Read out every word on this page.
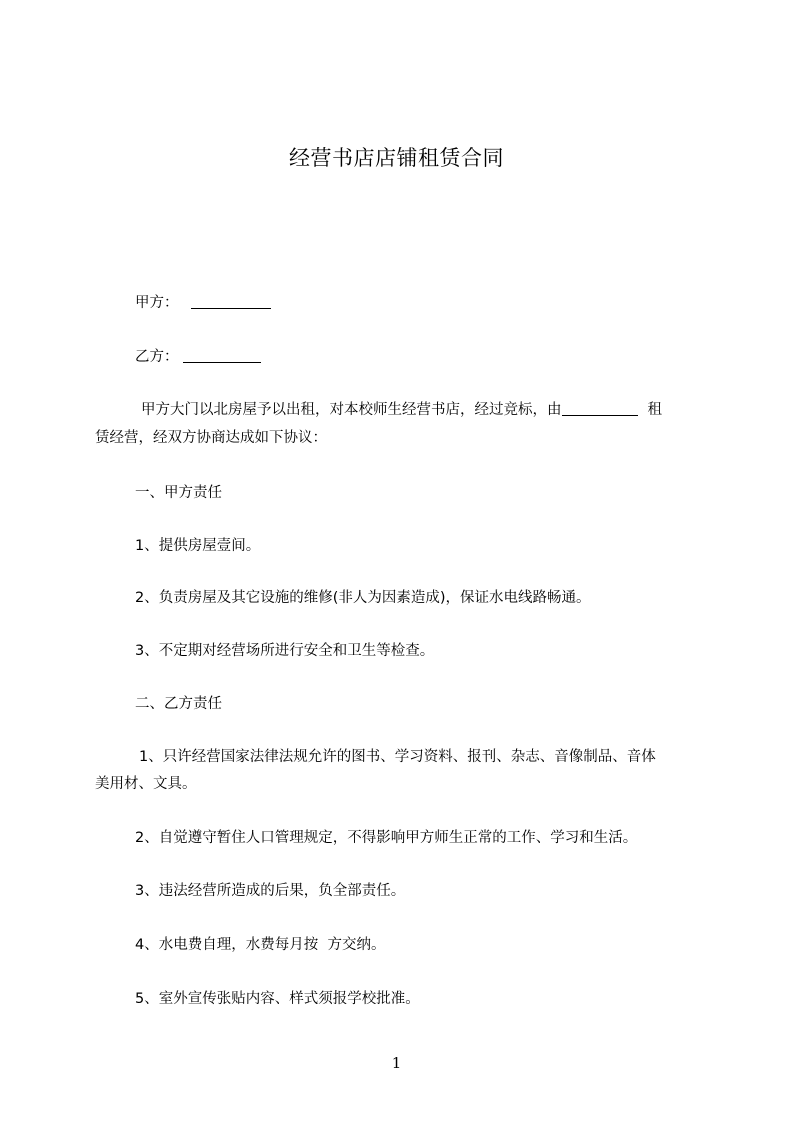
经营书店店铺租赁合同
甲方：
乙方：
甲方大门以北房屋予以出租，对本校师生经营书店，经过竞标，由	租
赁经营，经双方协商达成如下协议：
一、甲方责任
1、提供房屋壹间。
2、负责房屋及其它设施的维修(非人为因素造成)，保证水电线路畅通。
3、不定期对经营场所进行安全和卫生等检查。
二、乙方责任
1、只许经营国家法律法规允许的图书、学习资料、报刊、杂志、音像制品、音体
美用材、文具。
2、自觉遵守暂住人口管理规定，不得影响甲方师生正常的工作、学习和生活。
3、违法经营所造成的后果，负全部责任。
4、水电费自理，水费每月按  方交纳。
5、室外宣传张贴内容、样式须报学校批准。
1
